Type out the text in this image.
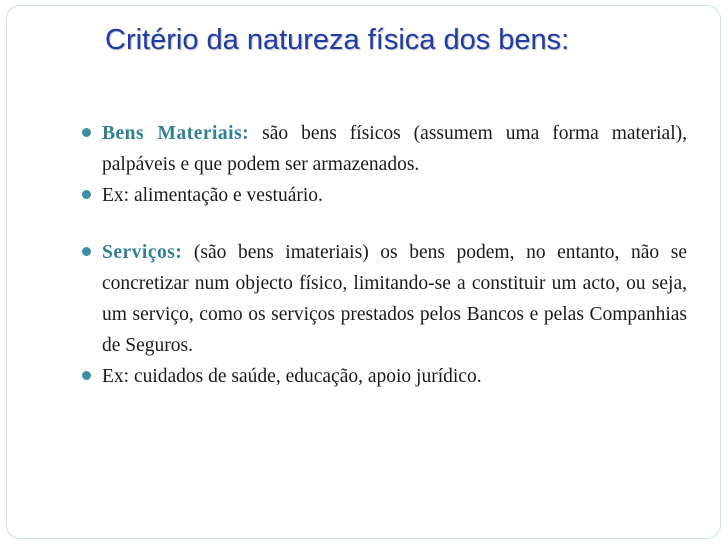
Critério da natureza física dos bens:
Bens Materiais: são bens físicos (assumem uma forma material), palpáveis e que podem ser armazenados.
Ex: alimentação e vestuário.
Serviços: (são bens imateriais) os bens podem, no entanto, não se concretizar num objecto físico, limitando-se a constituir um acto, ou seja, um serviço, como os serviços prestados pelos Bancos e pelas Companhias de Seguros.
Ex: cuidados de saúde, educação, apoio jurídico.
